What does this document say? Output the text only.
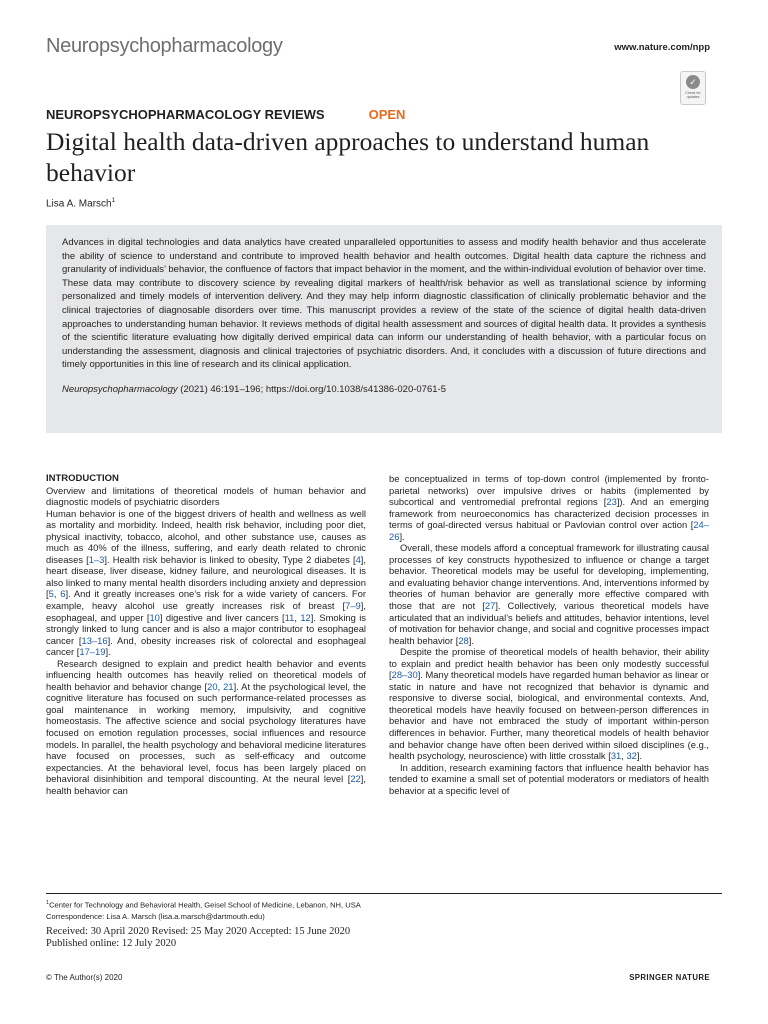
Neuropsychopharmacology	www.nature.com/npp
✓
Check for updates
NEUROPSYCHOPHARMACOLOGY REVIEWS	OPEN
Digital health data-driven approaches to understand human behavior
Lisa A. Marsch$^1$

Advances in digital technologies and data analytics have created unparalleled opportunities to assess and modify health behavior and thus accelerate the ability of science to understand and contribute to improved health behavior and health outcomes. Digital health data capture the richness and granularity of individuals’ behavior, the confluence of factors that impact behavior in the moment, and the within-individual evolution of behavior over time. These data may contribute to discovery science by revealing digital markers of health/risk behavior as well as translational science by informing personalized and timely models of intervention delivery. And they may help inform diagnostic classification of clinically problematic behavior and the clinical trajectories of diagnosable disorders over time. This manuscript provides a review of the state of the science of digital health data-driven approaches to understanding human behavior. It reviews methods of digital health assessment and sources of digital health data. It provides a synthesis of the scientific literature evaluating how digitally derived empirical data can inform our understanding of health behavior, with a particular focus on understanding the assessment, diagnosis and clinical trajectories of psychiatric disorders. And, it concludes with a discussion of future directions and timely opportunities in this line of research and its clinical application.

Neuropsychopharmacology (2021) 46:191–196; https://doi.org/10.1038/s41386-020-0761-5

INTRODUCTION

Overview and limitations of theoretical models of human behavior and diagnostic models of psychiatric disorders

Human behavior is one of the biggest drivers of health and wellness as well as mortality and morbidity. Indeed, health risk behavior, including poor diet, physical inactivity, tobacco, alcohol, and other substance use, causes as much as 40% of the illness, suffering, and early death related to chronic diseases [1–3]. Health risk behavior is linked to obesity, Type 2 diabetes [4], heart disease, liver disease, kidney failure, and neurological diseases. It is also linked to many mental health disorders including anxiety and depression [5, 6]. And it greatly increases one’s risk for a wide variety of cancers. For example, heavy alcohol use greatly increases risk of breast [7–9], esophageal, and upper [10] digestive and liver cancers [11, 12]. Smoking is strongly linked to lung cancer and is also a major contributor to esophageal cancer [13–16]. And, obesity increases risk of colorectal and esophageal cancer [17–19].

Research designed to explain and predict health behavior and events influencing health outcomes has heavily relied on theoretical models of health behavior and behavior change [20, 21]. At the psychological level, the cognitive literature has focused on such performance-related processes as goal maintenance in working memory, impulsivity, and cognitive homeostasis. The affective science and social psychology literatures have focused on emotion regulation processes, social influences and resource models. In parallel, the health psychology and behavioral medicine literatures have focused on processes, such as self-efficacy and outcome expectancies. At the behavioral level, focus has been largely placed on behavioral disinhibition and temporal discounting. At the neural level [22], health behavior can

be conceptualized in terms of top-down control (implemented by fronto-parietal networks) over impulsive drives or habits (implemented by subcortical and ventromedial prefrontal regions [23]). And an emerging framework from neuroeconomics has characterized decision processes in terms of goal-directed versus habitual or Pavlovian control over action [24–26].

Overall, these models afford a conceptual framework for illustrating causal processes of key constructs hypothesized to influence or change a target behavior. Theoretical models may be useful for developing, implementing, and evaluating behavior change interventions. And, interventions informed by theories of human behavior are generally more effective compared with those that are not [27]. Collectively, various theoretical models have articulated that an individual’s beliefs and attitudes, behavior intentions, level of motivation for behavior change, and social and cognitive processes impact health behavior [28].

Despite the promise of theoretical models of health behavior, their ability to explain and predict health behavior has been only modestly successful [28–30]. Many theoretical models have regarded human behavior as linear or static in nature and have not recognized that behavior is dynamic and responsive to diverse social, biological, and environmental contexts. And, theoretical models have heavily focused on between-person differences in behavior and have not embraced the study of important within-person differences in behavior. Further, many theoretical models of health behavior and behavior change have often been derived within siloed disciplines (e.g., health psychology, neuroscience) with little crosstalk [31, 32].

In addition, research examining factors that influence health behavior has tended to examine a small set of potential moderators or mediators of health behavior at a specific level of

$^1$Center for Technology and Behavioral Health, Geisel School of Medicine, Lebanon, NH, USA
Correspondence: Lisa A. Marsch (lisa.a.marsch@dartmouth.edu)
Received: 30 April 2020 Revised: 25 May 2020 Accepted: 15 June 2020
Published online: 12 July 2020
© The Author(s) 2020	SPRINGER NATURE
